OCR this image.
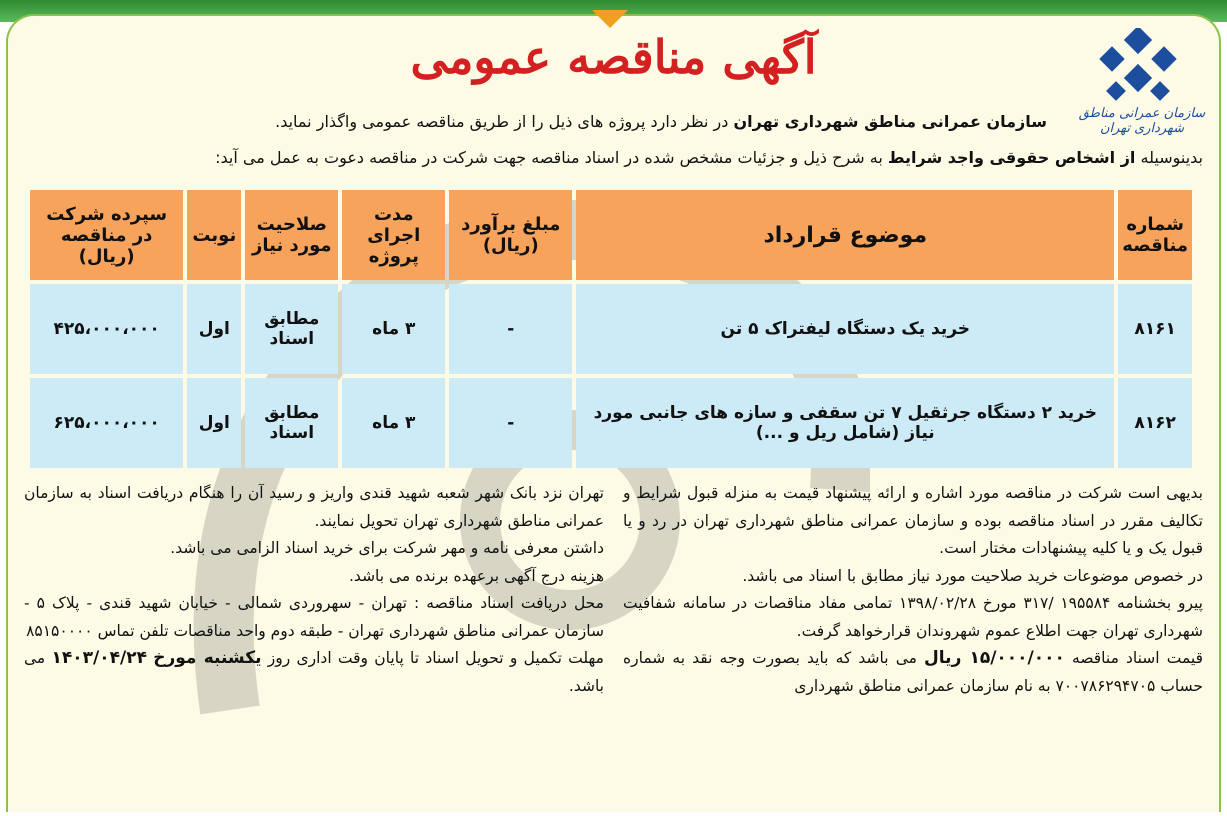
آگهی مناقصه عمومی
سازمان عمرانی مناطق شهرداری تهران
سازمان عمرانی مناطق شهرداری تهران در نظر دارد پروژه های ذیل را از طریق مناقصه عمومی واگذار نماید.
بدینوسیله از اشخاص حقوقی واجد شرایط به شرح ذیل و جزئیات مشخص شده در اسناد مناقصه جهت شرکت در مناقصه دعوت به عمل می آید:
شماره مناقصه	موضوع قرارداد	مبلغ برآورد (ریال)	مدت اجرای پروژه	صلاحیت مورد نیاز	نوبت	سپرده شرکت در مناقصه (ریال)
۸۱۶۱	خرید یک دستگاه لیفتراک ۵ تن	-	۳ ماه	مطابق اسناد	اول	۴۲۵،۰۰۰،۰۰۰
۸۱۶۲	خرید ۲ دستگاه جرثقیل ۷ تن سقفی و سازه های جانبی مورد نیاز (شامل ریل و ...)	-	۳ ماه	مطابق اسناد	اول	۶۲۵،۰۰۰،۰۰۰

بدیهی است شرکت در مناقصه مورد اشاره و ارائه پیشنهاد قیمت به منزله قبول شرایط و تکالیف مقرر در اسناد مناقصه بوده و سازمان عمرانی مناطق شهرداری تهران در رد و یا قبول یک و یا کلیه پیشنهادات مختار است.

در خصوص موضوعات خرید صلاحیت مورد نیاز مطابق با اسناد می باشد.

پیرو بخشنامه ۱۹۵۵۸۴ /۳۱۷ مورخ ۱۳۹۸/۰۲/۲۸ تمامی مفاد مناقصات در سامانه شفافیت شهرداری تهران جهت اطلاع عموم شهروندان قرارخواهد گرفت.

قیمت اسناد مناقصه ۱۵/۰۰۰/۰۰۰ ریال می باشد که باید بصورت وجه نقد به شماره حساب ۷۰۰۷۸۶۲۹۴۷۰۵ به نام سازمان عمرانی مناطق شهرداری

تهران نزد بانک شهر شعبه شهید قندی واریز و رسید آن را هنگام دریافت اسناد به سازمان عمرانی مناطق شهرداری تهران تحویل نمایند.

داشتن معرفی نامه و مهر شرکت برای خرید اسناد الزامی می باشد.

هزینه درج آگهی برعهده برنده می باشد.

محل دریافت اسناد مناقصه : تهران - سهروردی شمالی - خیابان شهید قندی - پلاک ۵ - سازمان عمرانی مناطق شهرداری تهران - طبقه دوم واحد مناقصات تلفن تماس ۸۵۱۵۰۰۰۰

مهلت تکمیل و تحویل اسناد تا پایان وقت اداری روز یکشنبه مورخ ۱۴۰۳/۰۴/۲۴ می باشد.
